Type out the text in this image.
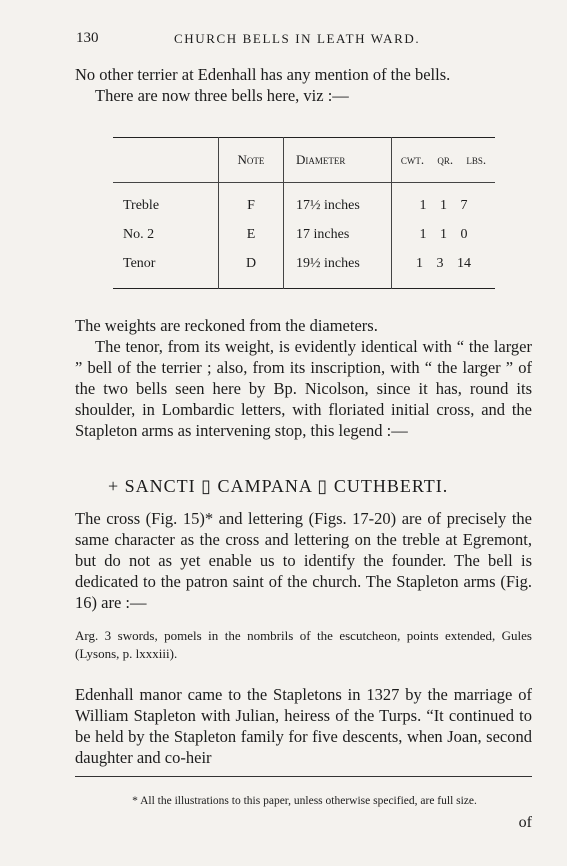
130	CHURCH BELLS IN LEATH WARD.
No other terrier at Edenhall has any mention of the bells.
There are now three bells here, viz :—
	Note	Diameter	cwt. qr. lbs.
Treble	F	17½ inches	1 1 7
No. 2	E	17 inches	1 1 0
Tenor	D	19½ inches	1 3 14
The weights are reckoned from the diameters.
The tenor, from its weight, is evidently identical with “ the larger ” bell of the terrier ; also, from its inscription, with “ the larger ” of the two bells seen here by Bp. Nicolson, since it has, round its shoulder, in Lombardic letters, with floriated initial cross, and the Stapleton arms as intervening stop, this legend :—
+ SANCTI ▯ CAMPANA ▯ CUTHBERTI.
The cross (Fig. 15)* and lettering (Figs. 17-20) are of precisely the same character as the cross and lettering on the treble at Egremont, but do not as yet enable us to identify the founder. The bell is dedicated to the patron saint of the church. The Stapleton arms (Fig. 16) are :—
Arg. 3 swords, pomels in the nombrils of the escutcheon, points extended, Gules (Lysons, p. lxxxiii).
Edenhall manor came to the Stapletons in 1327 by the marriage of William Stapleton with Julian, heiress of the Turps. “It continued to be held by the Stapleton family for five descents, when Joan, second daughter and co-heir
* All the illustrations to this paper, unless otherwise specified, are full size.
of
